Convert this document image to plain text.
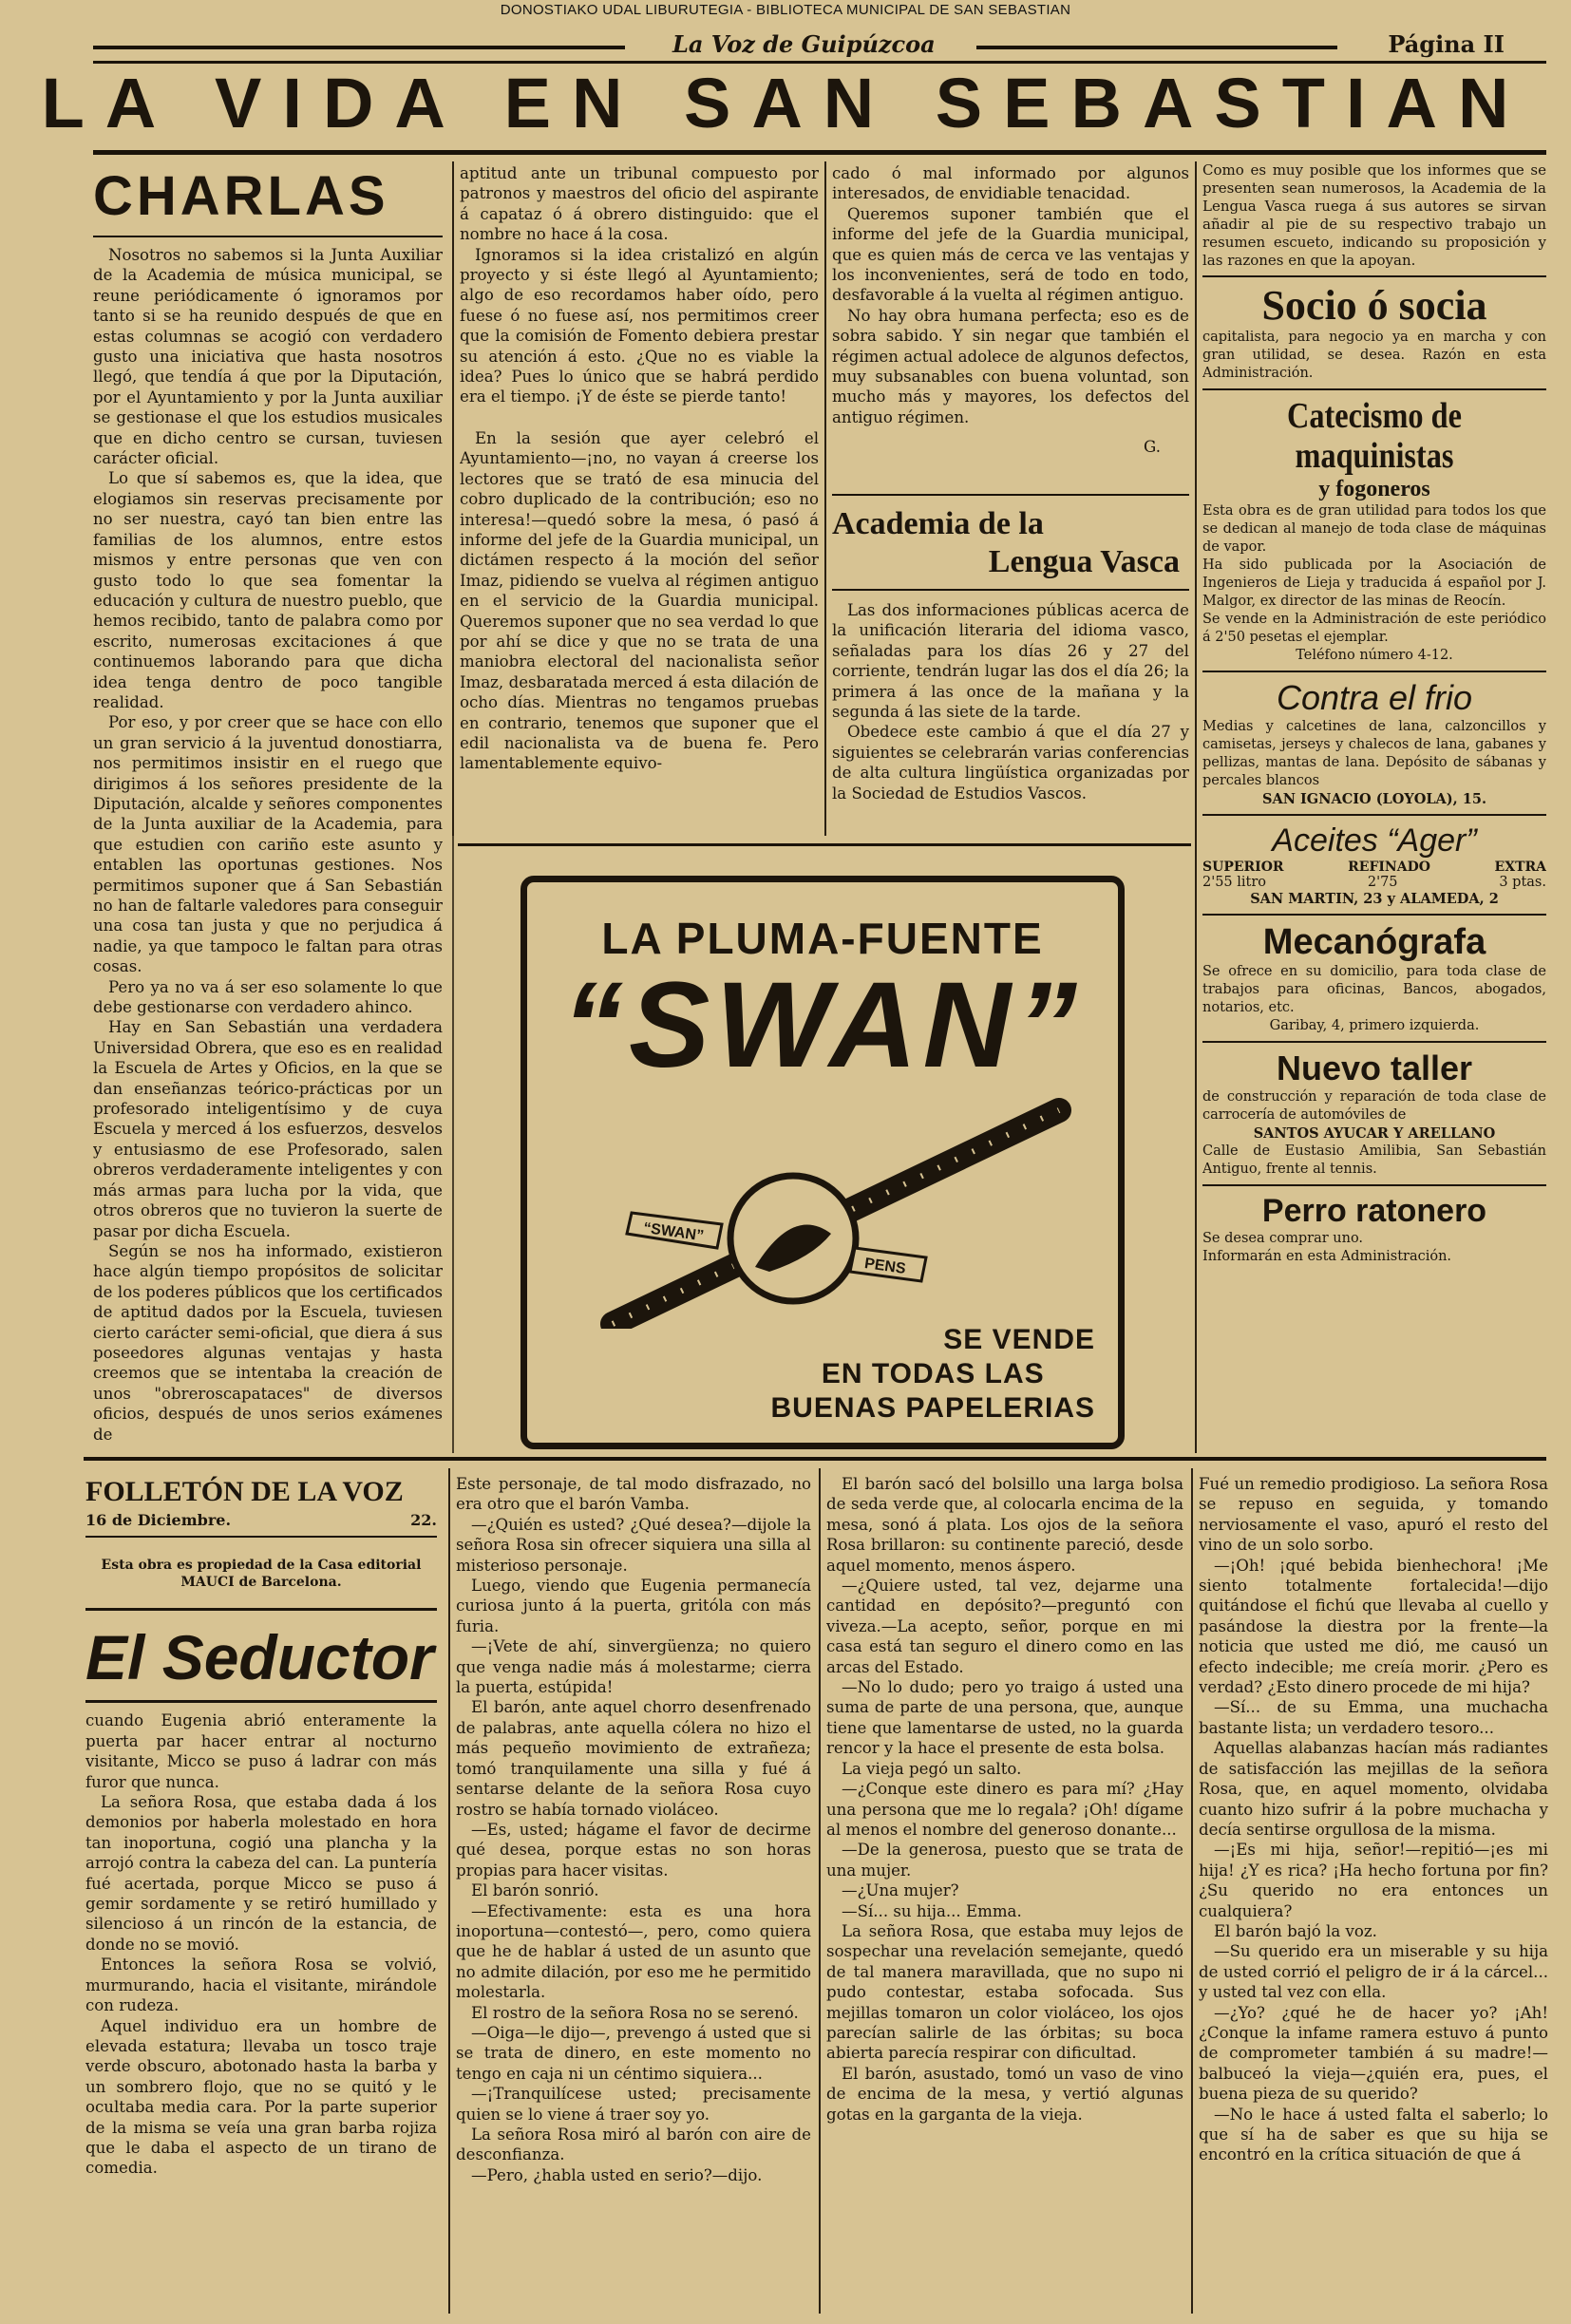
DONOSTIAKO UDAL LIBURUTEGIA - BIBLIOTECA MUNICIPAL DE SAN SEBASTIAN
La Voz de Guipúzcoa	Página II
LA VIDA EN SAN SEBASTIAN
CHARLAS

Nosotros no sabemos si la Junta Auxiliar de la Academia de música municipal, se reune periódicamente ó ignoramos por tanto si se ha reunido después de que en estas columnas se acogió con verdadero gusto una iniciativa que hasta nosotros llegó, que tendía á que por la Diputación, por el Ayuntamiento y por la Junta auxiliar se gestionase el que los estudios musicales que en dicho centro se cursan, tuviesen carácter oficial.

Lo que sí sabemos es, que la idea, que elogiamos sin reservas precisamente por no ser nuestra, cayó tan bien entre las familias de los alumnos, entre estos mismos y entre personas que ven con gusto todo lo que sea fomentar la educación y cultura de nuestro pueblo, que hemos recibido, tanto de palabra como por escrito, numerosas excitaciones á que continuemos laborando para que dicha idea tenga dentro de poco tangible realidad.

Por eso, y por creer que se hace con ello un gran servicio á la juventud donostiarra, nos permitimos insistir en el ruego que dirigimos á los señores presidente de la Diputación, alcalde y señores componentes de la Junta auxiliar de la Academia, para que estudien con cariño este asunto y entablen las oportunas gestiones. Nos permitimos suponer que á San Sebastián no han de faltarle valedores para conseguir una cosa tan justa y que no perjudica á nadie, ya que tampoco le faltan para otras cosas.

Pero ya no va á ser eso solamente lo que debe gestionarse con verdadero ahinco.

Hay en San Sebastián una verdadera Universidad Obrera, que eso es en realidad la Escuela de Artes y Oficios, en la que se dan enseñanzas teórico-prácticas por un profesorado inteligentísimo y de cuya Escuela y merced á los esfuerzos, desvelos y entusiasmo de ese Profesorado, salen obreros verdaderamente inteligentes y con más armas para lucha por la vida, que otros obreros que no tuvieron la suerte de pasar por dicha Escuela.

Según se nos ha informado, existieron hace algún tiempo propósitos de solicitar de los poderes públicos que los certificados de aptitud dados por la Escuela, tuviesen cierto carácter semi-oficial, que diera á sus poseedores algunas ventajas y hasta creemos que se intentaba la creación de unos "obreroscapataces" de diversos oficios, después de unos serios exámenes de

aptitud ante un tribunal compuesto por patronos y maestros del oficio del aspirante á capataz ó á obrero distinguido: que el nombre no hace á la cosa.

Ignoramos si la idea cristalizó en algún proyecto y si éste llegó al Ayuntamiento; algo de eso recordamos haber oído, pero fuese ó no fuese así, nos permitimos creer que la comisión de Fomento debiera prestar su atención á esto. ¿Que no es viable la idea? Pues lo único que se habrá perdido era el tiempo. ¡Y de éste se pierde tanto!

En la sesión que ayer celebró el Ayuntamiento—¡no, no vayan á creerse los lectores que se trató de esa minucia del cobro duplicado de la contribución; eso no interesa!—quedó sobre la mesa, ó pasó á informe del jefe de la Guardia municipal, un dictámen respecto á la moción del señor Imaz, pidiendo se vuelva al régimen antiguo en el servicio de la Guardia municipal. Queremos suponer que no sea verdad lo que por ahí se dice y que no se trata de una maniobra electoral del nacionalista señor Imaz, desbaratada merced á esta dilación de ocho días. Mientras no tengamos pruebas en contrario, tenemos que suponer que el edil nacionalista va de buena fe. Pero lamentablemente equivo-

cado ó mal informado por algunos interesados, de envidiable tenacidad.

Queremos suponer también que el informe del jefe de la Guardia municipal, que es quien más de cerca ve las ventajas y los inconvenientes, será de todo en todo, desfavorable á la vuelta al régimen antiguo.

No hay obra humana perfecta; eso es de sobra sabido. Y sin negar que también el régimen actual adolece de algunos defectos, muy subsanables con buena voluntad, son mucho más y mayores, los defectos del antiguo régimen.

G.
Academia de la
Lengua Vasca

Las dos informaciones públicas acerca de la unificación literaria del idioma vasco, señaladas para los días 26 y 27 del corriente, tendrán lugar las dos el día 26; la primera á las once de la mañana y la segunda á las siete de la tarde.

Obedece este cambio á que el día 27 y siguientes se celebrarán varias conferencias de alta cultura lingüística organizadas por la Sociedad de Estudios Vascos.

LA PLUMA-FUENTE
“SWAN”
“SWAN”
PENS
SE VENDE
EN TODAS LAS
BUENAS PAPELERIAS
Como es muy posible que los informes que se presenten sean numerosos, la Academia de la Lengua Vasca ruega á sus autores se sirvan añadir al pie de su respectivo trabajo un resumen escueto, indicando su proposición y las razones en que la apoyan.
Socio ó socia
capitalista, para negocio ya en marcha y con gran utilidad, se desea. Razón en esta Administración.
Catecismo de maquinistas
y fogoneros
Esta obra es de gran utilidad para todos los que se dedican al manejo de toda clase de máquinas de vapor.
Ha sido publicada por la Asociación de Ingenieros de Lieja y traducida á español por J. Malgor, ex director de las minas de Reocín.
Se vende en la Administración de este periódico á 2'50 pesetas el ejemplar.
Teléfono número 4-12.
Contra el frio
Medias y calcetines de lana, calzoncillos y camisetas, jerseys y chalecos de lana, gabanes y pellizas, mantas de lana. Depósito de sábanas y percales blancos
SAN IGNACIO (LOYOLA), 15.
Aceites “Ager”
SUPERIOR	REFINADO	EXTRA
2'55 litro	2'75	3 ptas.
SAN MARTIN, 23 y ALAMEDA, 2
Mecanógrafa
Se ofrece en su domicilio, para toda clase de trabajos para oficinas, Bancos, abogados, notarios, etc.
Garibay, 4, primero izquierda.
Nuevo taller
de construcción y reparación de toda clase de carrocería de automóviles de
SANTOS AYUCAR Y ARELLANO
Calle de Eustasio Amilibia, San Sebastián Antiguo, frente al tennis.
Perro ratonero
Se desea comprar uno.
Informarán en esta Administración.
FOLLETÓN DE LA VOZ
16 de Diciembre.	22.
Esta obra es propiedad de la Casa editorial MAUCI de Barcelona.
El Seductor

cuando Eugenia abrió enteramente la puerta par hacer entrar al nocturno visitante, Micco se puso á ladrar con más furor que nunca.

La señora Rosa, que estaba dada á los demonios por haberla molestado en hora tan inoportuna, cogió una plancha y la arrojó contra la cabeza del can. La puntería fué acertada, porque Micco se puso á gemir sordamente y se retiró humillado y silencioso á un rincón de la estancia, de donde no se movió.

Entonces la señora Rosa se volvió, murmurando, hacia el visitante, mirándole con rudeza.

Aquel individuo era un hombre de elevada estatura; llevaba un tosco traje verde obscuro, abotonado hasta la barba y un sombrero flojo, que no se quitó y le ocultaba media cara. Por la parte superior de la misma se veía una gran barba rojiza que le daba el aspecto de un tirano de comedia.

Este personaje, de tal modo disfrazado, no era otro que el barón Vamba.

—¿Quién es usted? ¿Qué desea?—dijole la señora Rosa sin ofrecer siquiera una silla al misterioso personaje.

Luego, viendo que Eugenia permanecía curiosa junto á la puerta, gritóla con más furia.

—¡Vete de ahí, sinvergüenza; no quiero que venga nadie más á molestarme; cierra la puerta, estúpida!

El barón, ante aquel chorro desenfrenado de palabras, ante aquella cólera no hizo el más pequeño movimiento de extrañeza; tomó tranquilamente una silla y fué á sentarse delante de la señora Rosa cuyo rostro se había tornado violáceo.

—Es, usted; hágame el favor de decirme qué desea, porque estas no son horas propias para hacer visitas.

El barón sonrió.

—Efectivamente: esta es una hora inoportuna—contestó—, pero, como quiera que he de hablar á usted de un asunto que no admite dilación, por eso me he permitido molestarla.

El rostro de la señora Rosa no se serenó.

—Oiga—le dijo—, prevengo á usted que si se trata de dinero, en este momento no tengo en caja ni un céntimo siquiera...

—¡Tranquilícese usted; precisamente quien se lo viene á traer soy yo.

La señora Rosa miró al barón con aire de desconfianza.

—Pero, ¿habla usted en serio?—dijo.

El barón sacó del bolsillo una larga bolsa de seda verde que, al colocarla encima de la mesa, sonó á plata. Los ojos de la señora Rosa brillaron: su continente pareció, desde aquel momento, menos áspero.

—¿Quiere usted, tal vez, dejarme una cantidad en depósito?—preguntó con viveza.—La acepto, señor, porque en mi casa está tan seguro el dinero como en las arcas del Estado.

—No lo dudo; pero yo traigo á usted una suma de parte de una persona, que, aunque tiene que lamentarse de usted, no la guarda rencor y la hace el presente de esta bolsa.

La vieja pegó un salto.

—¿Conque este dinero es para mí? ¿Hay una persona que me lo regala? ¡Oh! dígame al menos el nombre del generoso donante...

—De la generosa, puesto que se trata de una mujer.

—¿Una mujer?

—Sí... su hija... Emma.

La señora Rosa, que estaba muy lejos de sospechar una revelación semejante, quedó de tal manera maravillada, que no supo ni pudo contestar, estaba sofocada. Sus mejillas tomaron un color violáceo, los ojos parecían salirle de las órbitas; su boca abierta parecía respirar con dificultad.

El barón, asustado, tomó un vaso de vino de encima de la mesa, y vertió algunas gotas en la garganta de la vieja.

Fué un remedio prodigioso. La señora Rosa se repuso en seguida, y tomando nerviosamente el vaso, apuró el resto del vino de un solo sorbo.

—¡Oh! ¡qué bebida bienhechora! ¡Me siento totalmente fortalecida!—dijo quitándose el fichú que llevaba al cuello y pasándose la diestra por la frente—la noticia que usted me dió, me causó un efecto indecible; me creía morir. ¿Pero es verdad? ¿Esto dinero procede de mi hija?

—Sí... de su Emma, una muchacha bastante lista; un verdadero tesoro...

Aquellas alabanzas hacían más radiantes de satisfacción las mejillas de la señora Rosa, que, en aquel momento, olvidaba cuanto hizo sufrir á la pobre muchacha y decía sentirse orgullosa de la misma.

—¡Es mi hija, señor!—repitió—¡es mi hija! ¿Y es rica? ¡Ha hecho fortuna por fin? ¿Su querido no era entonces un cualquiera?

El barón bajó la voz.

—Su querido era un miserable y su hija de usted corrió el peligro de ir á la cárcel... y usted tal vez con ella.

—¿Yo? ¿qué he de hacer yo? ¡Ah! ¿Conque la infame ramera estuvo á punto de comprometer también á su madre!—balbuceó la vieja—¿quién era, pues, el buena pieza de su querido?

—No le hace á usted falta el saberlo; lo que sí ha de saber es que su hija se encontró en la crítica situación de que á
